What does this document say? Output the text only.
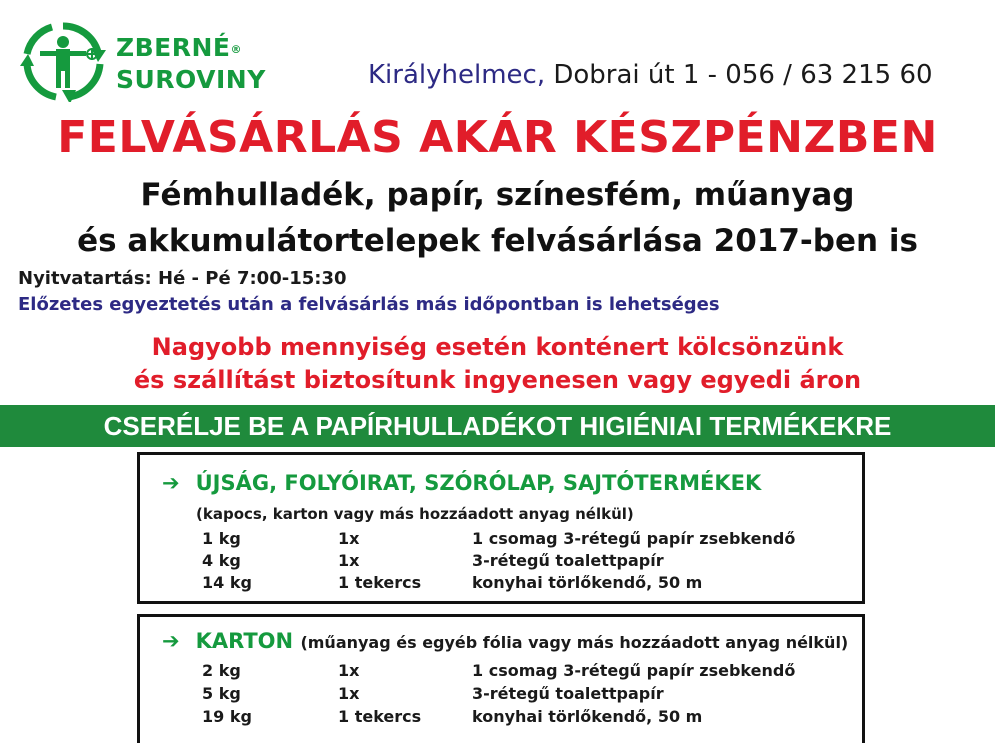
ZBERNÉ®
SUROVINY	Királyhelmec, Dobrai út 1 - 056 / 63 215 60
FELVÁSÁRLÁS AKÁR KÉSZPÉNZBEN
Fémhulladék, papír, színesfém, műanyag
és akkumulátortelepek felvásárlása 2017-ben is
Nyitvatartás: Hé - Pé 7:00-15:30
Előzetes egyeztetés után a felvásárlás más időpontban is lehetséges
Nagyobb mennyiség esetén konténert kölcsönzünk
és szállítást biztosítunk ingyenesen vagy egyedi áron
CSERÉLJE BE A PAPÍRHULLADÉKOT HIGIÉNIAI TERMÉKEKRE
➔ ÚJSÁG, FOLYÓIRAT, SZÓRÓLAP, SAJTÓTERMÉKEK
(kapocs, karton vagy más hozzáadott anyag nélkül)
1 kg	1x	1 csomag 3-rétegű papír zsebkendő
4 kg	1x	3-rétegű toalettpapír
14 kg	1 tekercs	konyhai törlőkendő, 50 m
➔ KARTON (műanyag és egyéb fólia vagy más hozzáadott anyag nélkül)
2 kg	1x	1 csomag 3-rétegű papír zsebkendő
5 kg	1x	3-rétegű toalettpapír
19 kg	1 tekercs	konyhai törlőkendő, 50 m
